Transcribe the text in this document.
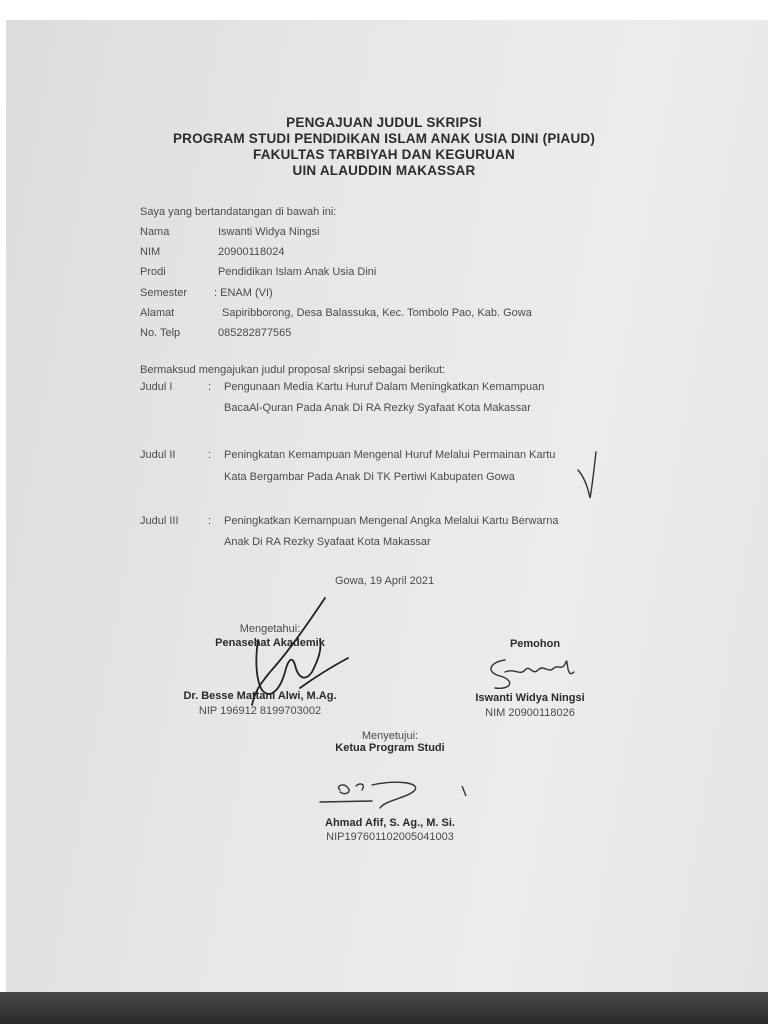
PENGAJUAN JUDUL SKRIPSI
PROGRAM STUDI PENDIDIKAN ISLAM ANAK USIA DINI (PIAUD)
FAKULTAS TARBIYAH DAN KEGURUAN
UIN ALAUDDIN MAKASSAR
Saya yang bertandatangan di bawah ini:
Nama	Iswanti Widya Ningsi
NIM	20900118024
Prodi	Pendidikan Islam Anak Usia Dini
Semester : ENAM (VI)
Alamat	Sapiribborong, Desa Balassuka, Kec. Tombolo Pao, Kab. Gowa
No. Telp	085282877565
Bermaksud mengajukan judul proposal skripsi sebagai berikut:
Judul I	: Pengunaan Media Kartu Huruf Dalam Meningkatkan Kemampuan
BacaAl-Quran Pada Anak Di RA Rezky Syafaat Kota Makassar
Judul II	: Peningkatan Kemampuan Mengenal Huruf Melalui Permainan Kartu
Kata Bergambar Pada Anak Di TK Pertiwi Kabupaten Gowa
Judul III	: Peningkatkan Kemampuan Mengenal Angka Melalui Kartu Berwarna
Anak Di RA Rezky Syafaat Kota Makassar
Gowa, 19 April 2021
Mengetahui:
Penasehat Akademik
Dr. Besse Mattani Alwi, M.Ag.
NIP 196912 8199703002
Pemohon
Iswanti Widya Ningsi
NIM 20900118026
Menyetujui:
Ketua Program Studi
Ahmad Afif, S. Ag., M. Si.
NIP197601102005041003
